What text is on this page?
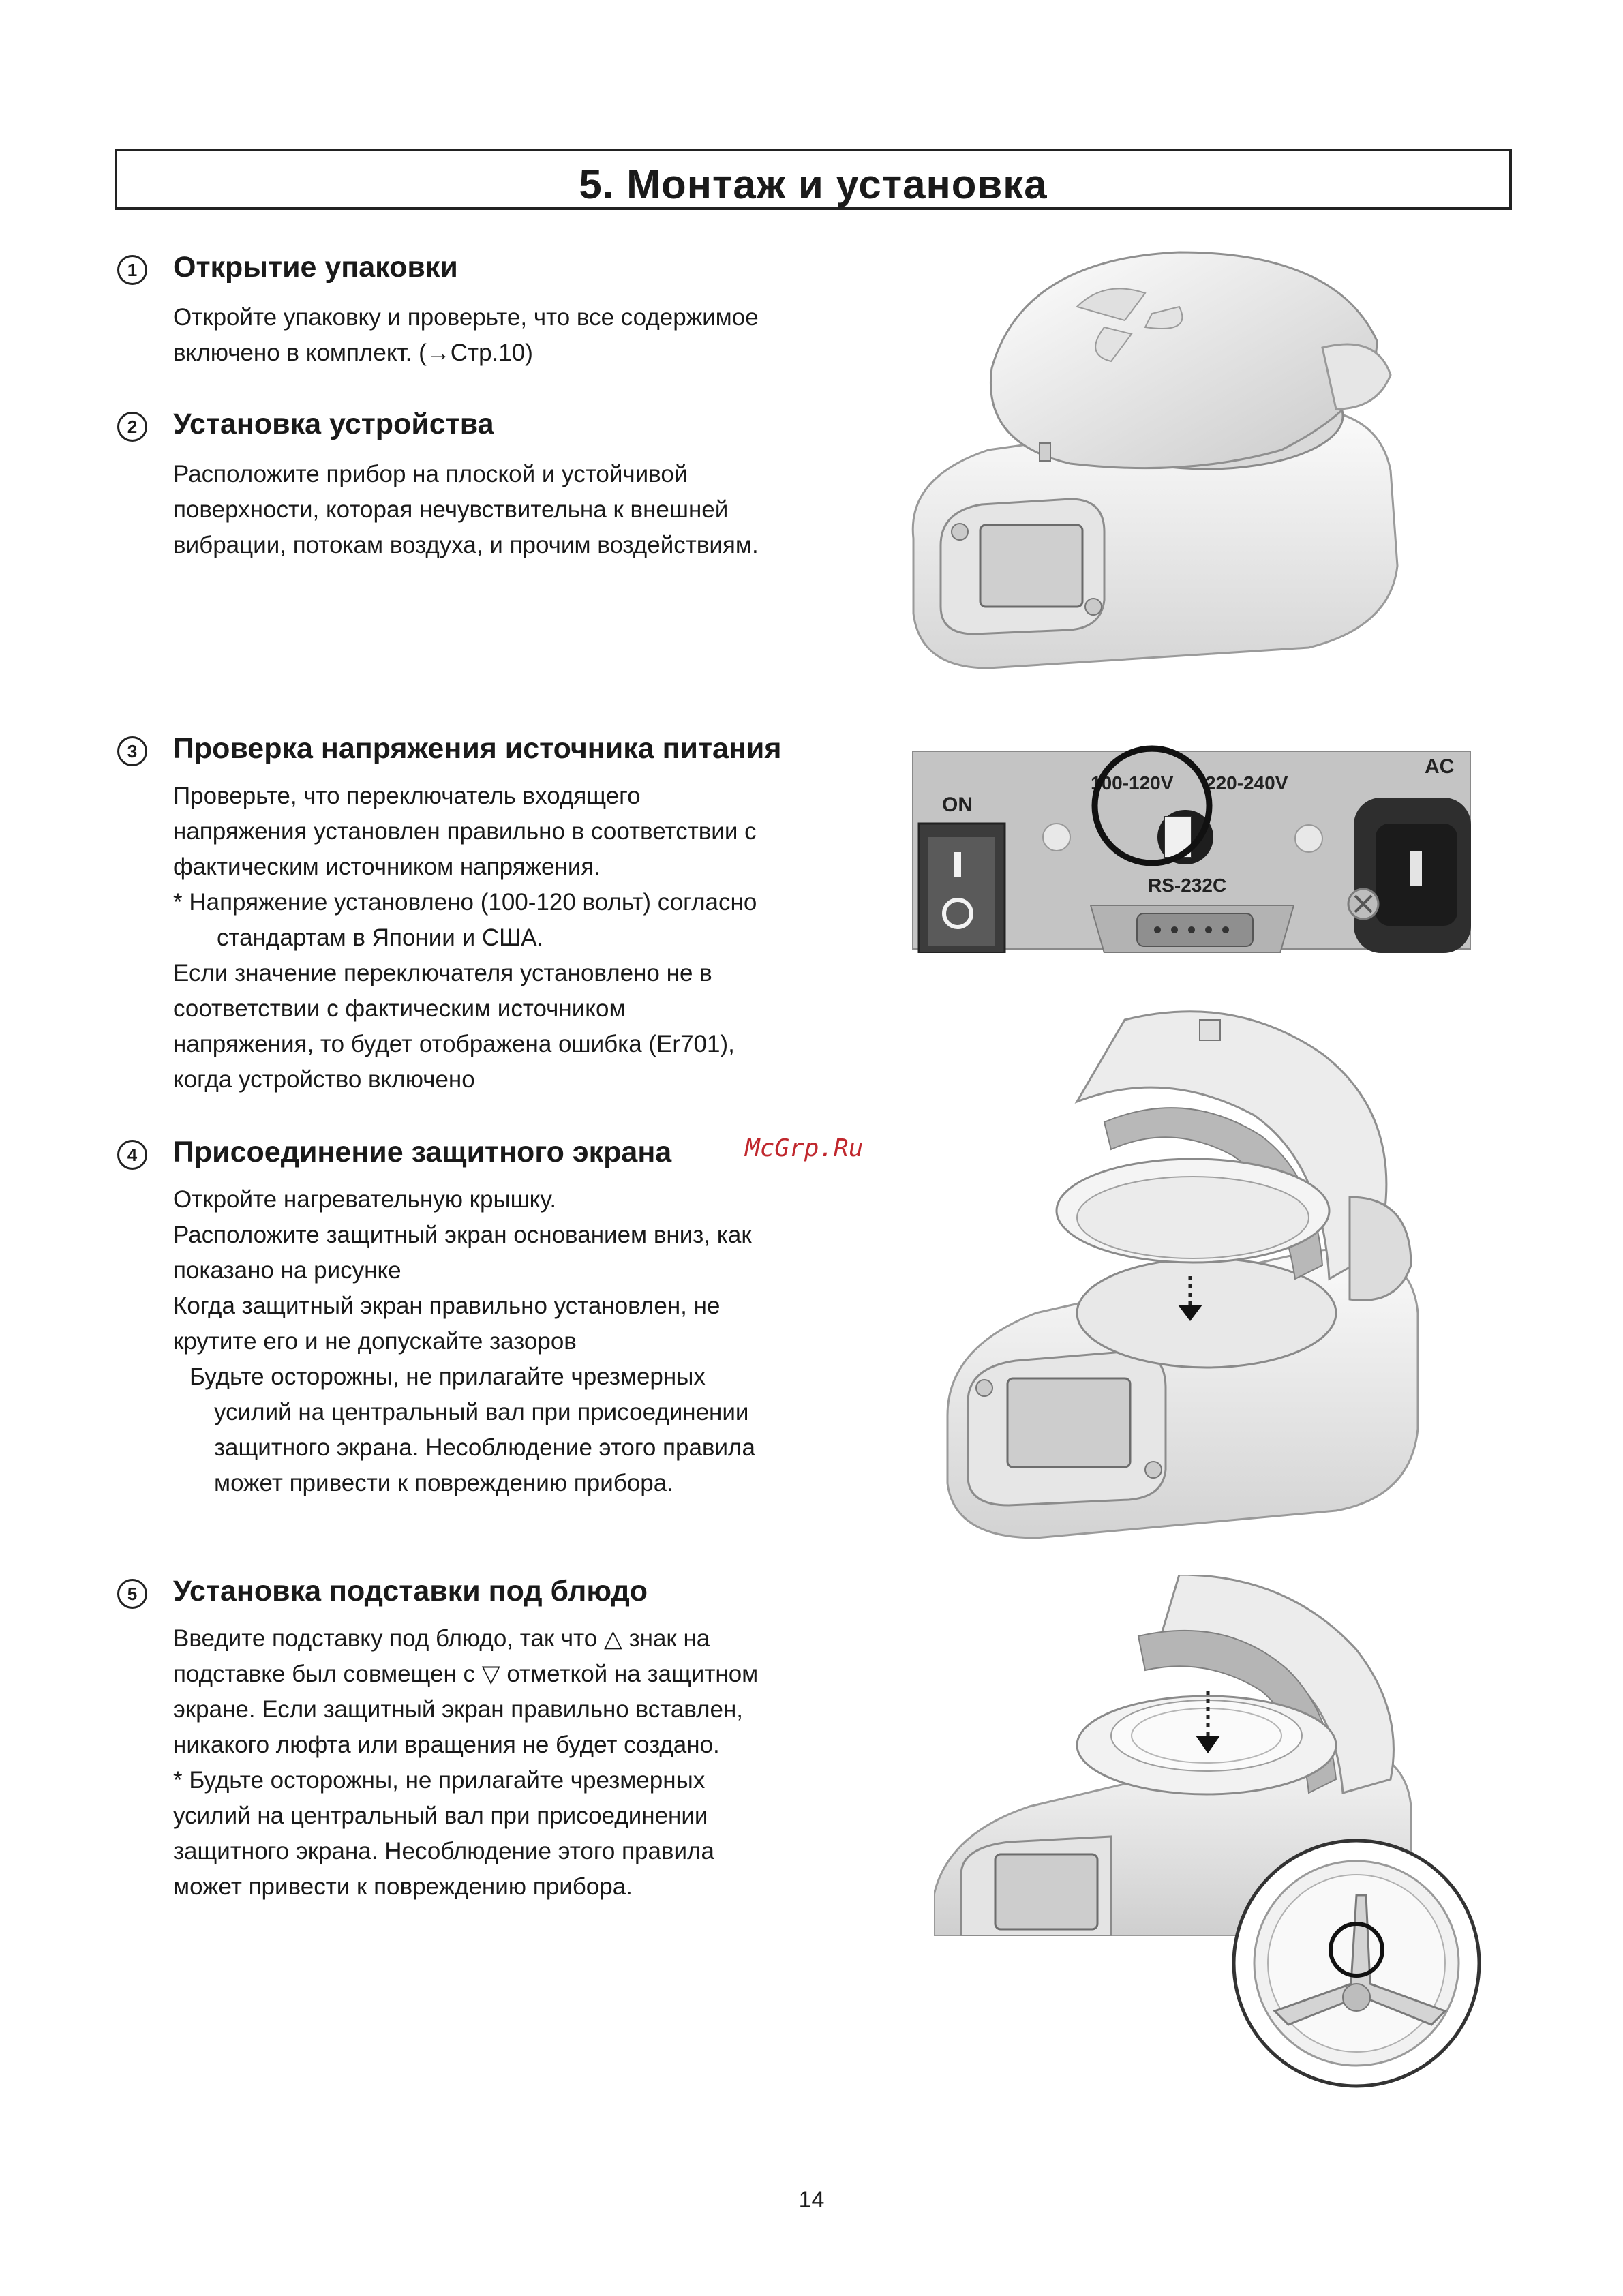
5. Монтаж и установка
1	Открытие упаковки

Откройте упаковку и проверьте, что все содержимое

включено в комплект. (→Стр.10)

2	Установка устройства

Расположите прибор на плоской и устойчивой

поверхности, которая нечувствительна к внешней

вибрации, потокам воздуха, и прочим воздействиям.

3	Проверка напряжения источника питания

Проверьте, что переключатель входящего

напряжения установлен правильно в соответствии с

фактическим источником напряжения.

* Напряжение установлено (100-120 вольт) согласно

стандартам в Японии и США.

Если значение переключателя установлено не в

соответствии с фактическим источником

напряжения, то будет отображена ошибка (Er701),

когда устройство включено

4	Присоединение защитного экрана

Откройте нагревательную крышку.

Расположите защитный экран основанием вниз, как

показано на рисунке

Когда защитный экран правильно установлен, не

крутите его и не допускайте зазоров

Будьте осторожны, не прилагайте чрезмерных

усилий на центральный вал при присоединении

защитного экрана. Несоблюдение этого правила

может привести к повреждению прибора.

5	Установка подставки под блюдо

Введите подставку под блюдо, так что △ знак на

подставке был совмещен с ▽ отметкой на защитном

экране. Если защитный экран правильно вставлен,

никакого люфта или вращения не будет создано.

* Будьте осторожны, не прилагайте чрезмерных

усилий на центральный вал при присоединении

защитного экрана. Несоблюдение этого правила

может привести к повреждению прибора.

McGrp.Ru
ON
100-120V 220-240V
AC
RS-232C
14
